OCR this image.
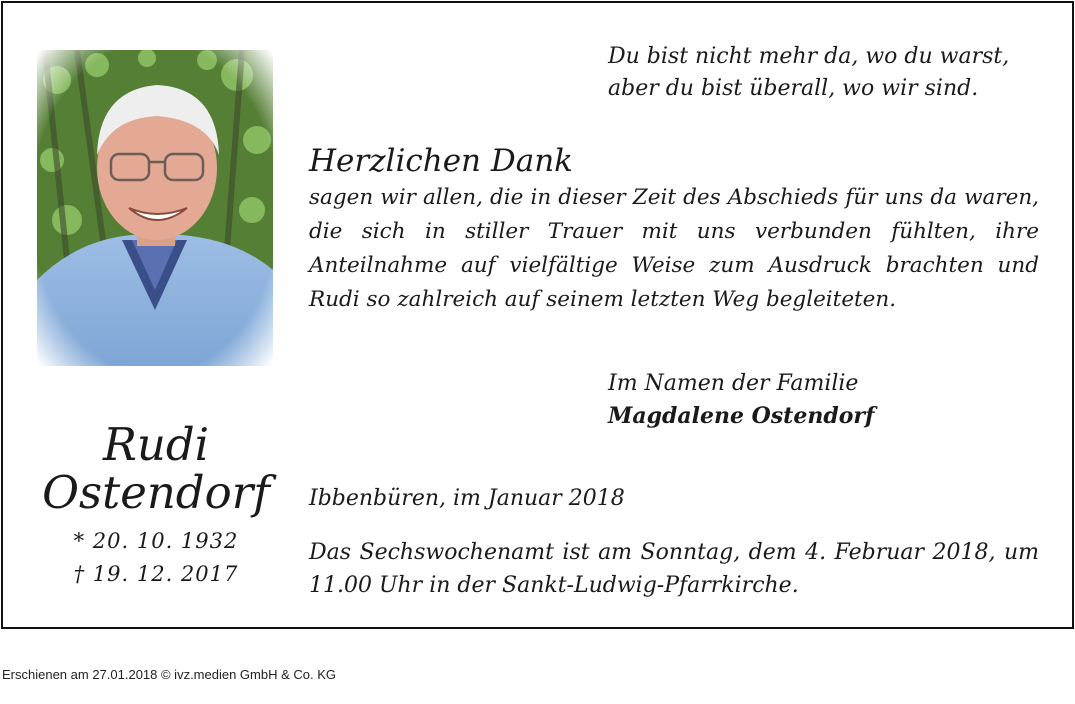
Du bist nicht mehr da, wo du warst,
aber du bist überall, wo wir sind.
Herzlichen Dank
sagen wir allen, die in dieser Zeit des Abschieds für uns da waren, die sich in stiller Trauer mit uns verbunden fühlten, ihre Anteilnahme auf vielfältige Weise zum Ausdruck brachten und Rudi so zahlreich auf seinem letzten Weg begleiteten.
Im Namen der Familie
Magdalene Ostendorf
Rudi
Ostendorf
* 20. 10. 1932
† 19. 12. 2017
Ibbenbüren, im Januar 2018
Das Sechswochenamt ist am Sonntag, dem 4. Februar 2018, um 11.00 Uhr in der Sankt-Ludwig-Pfarrkirche.
Erschienen am 27.01.2018 © ivz.medien GmbH & Co. KG
